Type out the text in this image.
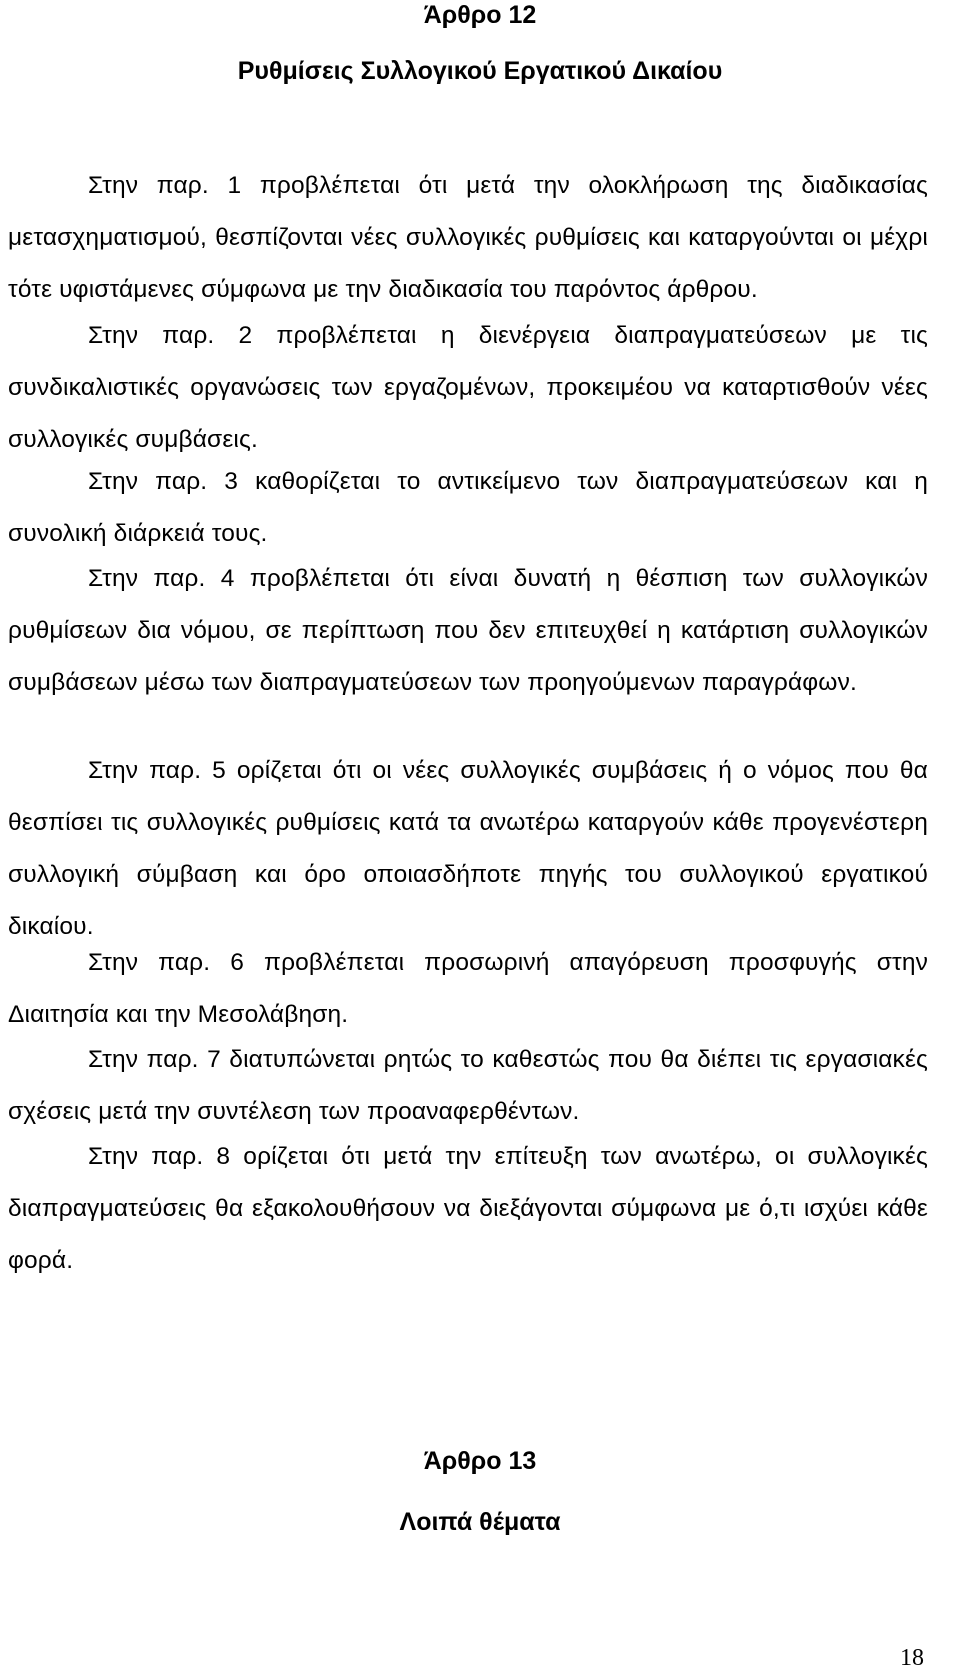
Άρθρο 12
Ρυθμίσεις Συλλογικού Εργατικού Δικαίου

Στην παρ. 1 προβλέπεται ότι μετά την ολοκλήρωση της διαδικασίας μετασχηματισμού, θεσπίζονται νέες συλλογικές ρυθμίσεις και καταργούνται οι μέχρι τότε υφιστάμενες σύμφωνα με την διαδικασία του παρόντος άρθρου.

Στην παρ. 2 προβλέπεται η διενέργεια διαπραγματεύσεων με τις συνδικαλιστικές οργανώσεις των εργαζομένων, προκειμέου να καταρτισθούν νέες συλλογικές συμβάσεις.

Στην παρ. 3 καθορίζεται το αντικείμενο των διαπραγματεύσεων και η συνολική διάρκειά τους.

Στην παρ. 4 προβλέπεται ότι είναι δυνατή η θέσπιση των συλλογικών ρυθμίσεων δια νόμου, σε περίπτωση που δεν επιτευχθεί η κατάρτιση συλλογικών συμβάσεων μέσω των διαπραγματεύσεων των προηγούμενων παραγράφων.

Στην παρ. 5 ορίζεται ότι οι νέες συλλογικές συμβάσεις ή ο νόμος που θα θεσπίσει τις συλλογικές ρυθμίσεις κατά τα ανωτέρω καταργούν κάθε προγενέστερη συλλογική σύμβαση και όρο οποιασδήποτε πηγής του συλλογικού εργατικού δικαίου.

Στην παρ. 6 προβλέπεται προσωρινή απαγόρευση προσφυγής στην Διαιτησία και την Μεσολάβηση.

Στην παρ. 7 διατυπώνεται ρητώς το καθεστώς που θα διέπει τις εργασιακές σχέσεις μετά την συντέλεση των προαναφερθέντων.

Στην παρ. 8 ορίζεται ότι μετά την επίτευξη των ανωτέρω, οι συλλογικές διαπραγματεύσεις θα εξακολουθήσουν να διεξάγονται σύμφωνα με ό,τι ισχύει κάθε φορά.

Άρθρο 13
Λοιπά θέματα
18
